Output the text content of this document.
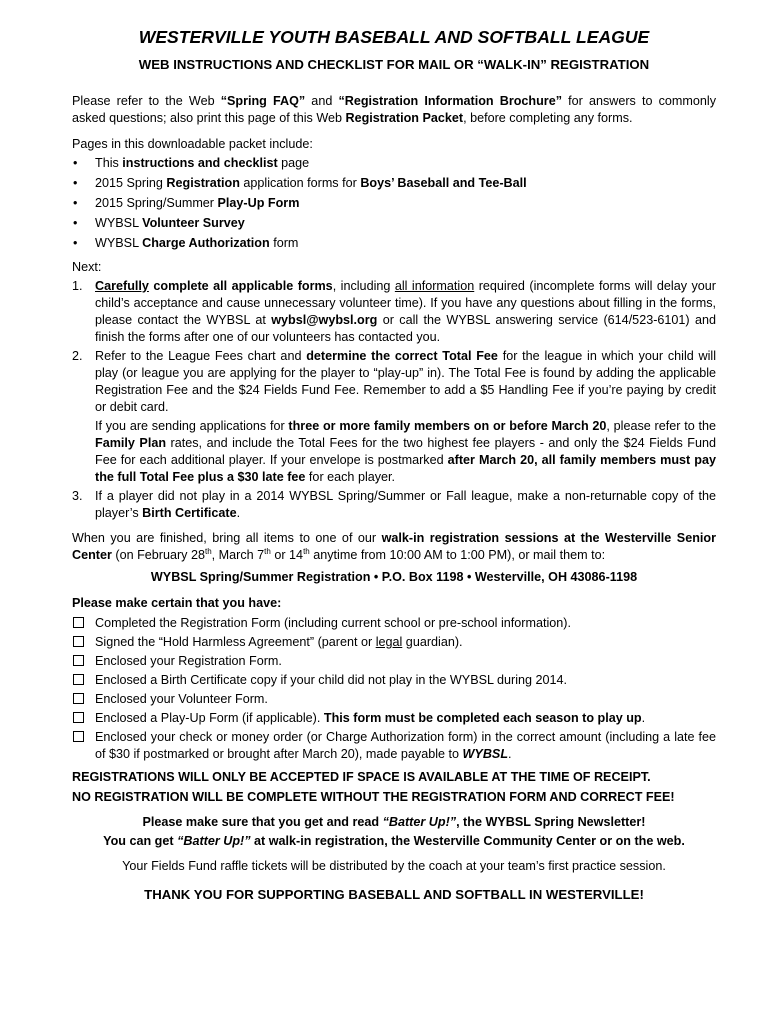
WESTERVILLE YOUTH BASEBALL AND SOFTBALL LEAGUE
WEB INSTRUCTIONS AND CHECKLIST FOR MAIL OR “WALK-IN” REGISTRATION

Please refer to the Web “Spring FAQ” and “Registration Information Brochure” for answers to commonly asked questions; also print this page of this Web Registration Packet, before completing any forms.

Pages in this downloadable packet include:

• This instructions and checklist page
• 2015 Spring Registration application forms for Boys’ Baseball and Tee-Ball
• 2015 Spring/Summer Play-Up Form
• WYBSL Volunteer Survey
• WYBSL Charge Authorization form

Next:

1. Carefully complete all applicable forms, including all information required (incomplete forms will delay your child’s acceptance and cause unnecessary volunteer time). If you have any questions about filling in the forms, please contact the WYBSL at wybsl@wybsl.org or call the WYBSL answering service (614/523-6101) and finish the forms after one of our volunteers has contacted you.
2. Refer to the League Fees chart and determine the correct Total Fee for the league in which your child will play (or league you are applying for the player to “play-up” in). The Total Fee is found by adding the applicable Registration Fee and the $24 Fields Fund Fee. Remember to add a $5 Handling Fee if you’re paying by credit or debit card.
If you are sending applications for three or more family members on or before March 20, please refer to the Family Plan rates, and include the Total Fees for the two highest fee players - and only the $24 Fields Fund Fee for each additional player. If your envelope is postmarked after March 20, all family members must pay the full Total Fee plus a $30 late fee for each player.
3. If a player did not play in a 2014 WYBSL Spring/Summer or Fall league, make a non-returnable copy of the player’s Birth Certificate.

When you are finished, bring all items to one of our walk-in registration sessions at the Westerville Senior Center (on February 28th, March 7th or 14th anytime from 10:00 AM to 1:00 PM), or mail them to:

WYBSL Spring/Summer Registration • P.O. Box 1198 • Westerville, OH 43086-1198

Please make certain that you have:

Completed the Registration Form (including current school or pre-school information).
Signed the “Hold Harmless Agreement” (parent or legal guardian).
Enclosed your Registration Form.
Enclosed a Birth Certificate copy if your child did not play in the WYBSL during 2014.
Enclosed your Volunteer Form.
Enclosed a Play-Up Form (if applicable). This form must be completed each season to play up.
Enclosed your check or money order (or Charge Authorization form) in the correct amount (including a late fee of $30 if postmarked or brought after March 20), made payable to WYBSL.

REGISTRATIONS WILL ONLY BE ACCEPTED IF SPACE IS AVAILABLE AT THE TIME OF RECEIPT.

NO REGISTRATION WILL BE COMPLETE WITHOUT THE REGISTRATION FORM AND CORRECT FEE!

Please make sure that you get and read “Batter Up!”, the WYBSL Spring Newsletter!

You can get “Batter Up!” at walk-in registration, the Westerville Community Center or on the web.

Your Fields Fund raffle tickets will be distributed by the coach at your team’s first practice session.

THANK YOU FOR SUPPORTING BASEBALL AND SOFTBALL IN WESTERVILLE!
